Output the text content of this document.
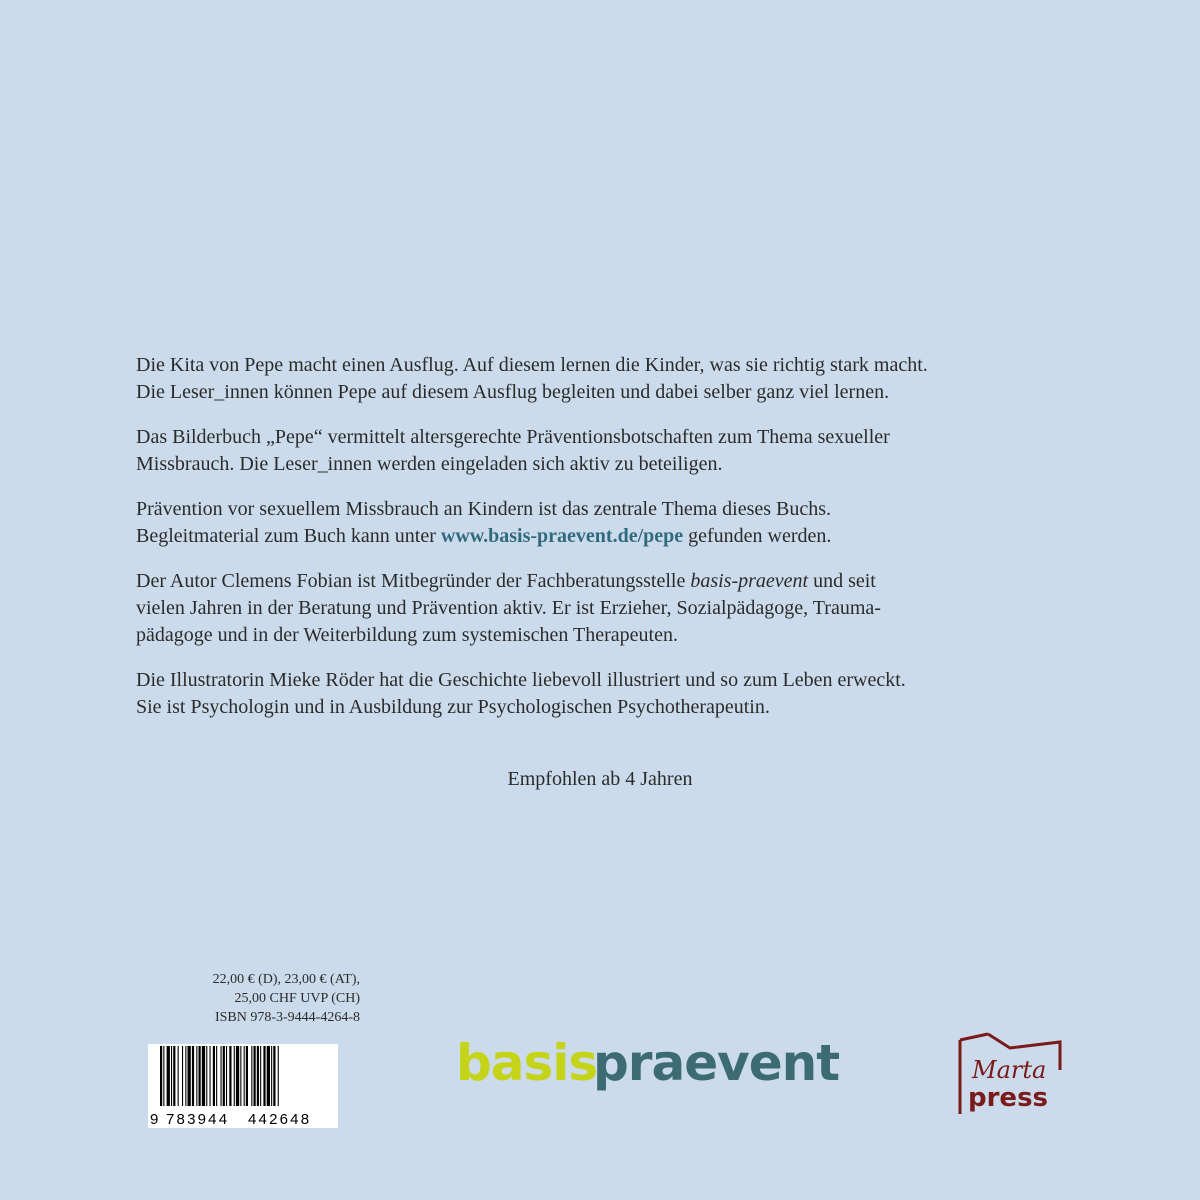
Die Kita von Pepe macht einen Ausflug. Auf diesem lernen die Kinder, was sie richtig stark macht.
Die Leser_innen können Pepe auf diesem Ausflug begleiten und dabei selber ganz viel lernen.

Das Bilderbuch „Pepe“ vermittelt altersgerechte Präventionsbotschaften zum Thema sexueller
Missbrauch. Die Leser_innen werden eingeladen sich aktiv zu beteiligen.

Prävention vor sexuellem Missbrauch an Kindern ist das zentrale Thema dieses Buchs.
Begleitmaterial zum Buch kann unter www.basis-praevent.de/pepe gefunden werden.

Der Autor Clemens Fobian ist Mitbegründer der Fachberatungsstelle basis-praevent und seit
vielen Jahren in der Beratung und Prävention aktiv. Er ist Erzieher, Sozialpädagoge, Trauma-
pädagoge und in der Weiterbildung zum systemischen Therapeuten.

Die Illustratorin Mieke Röder hat die Geschichte liebevoll illustriert und so zum Leben erweckt.
Sie ist Psychologin und in Ausbildung zur Psychologischen Psychotherapeutin.

Empfohlen ab 4 Jahren
22,00 € (D), 23,00 € (AT),
25,00 CHF UVP (CH)
ISBN 978-3-9444-4264-8
9 783944 442648
basis
praevent	Marta
press
